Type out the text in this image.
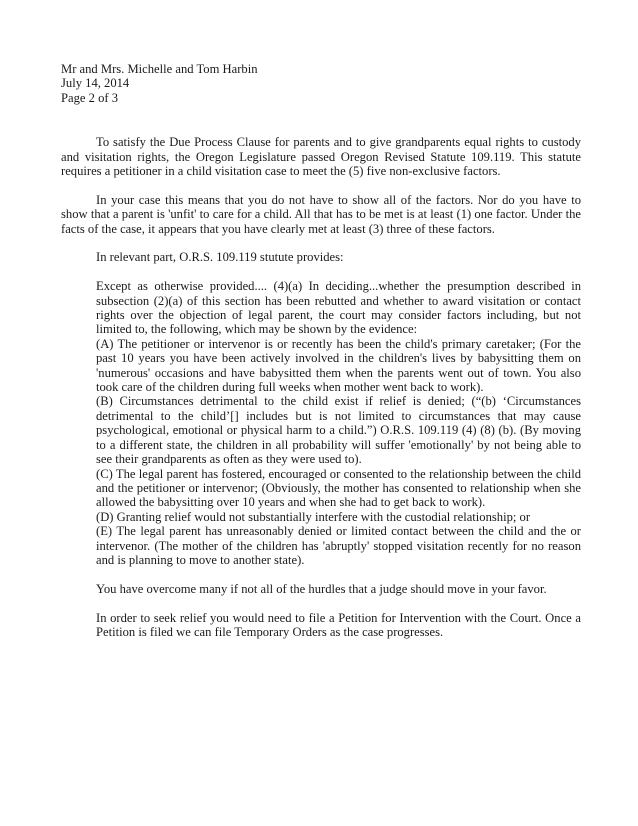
Mr and Mrs. Michelle and Tom Harbin
July 14, 2014
Page 2 of 3

To satisfy the Due Process Clause for parents and to give grandparents equal rights to custody and visitation rights, the Oregon Legislature passed Oregon Revised Statute 109.119. This statute requires a petitioner in a child visitation case to meet the (5) five non-exclusive factors.

In your case this means that you do not have to show all of the factors. Nor do you have to show that a parent is 'unfit' to care for a child. All that has to be met is at least (1) one factor. Under the facts of the case, it appears that you have clearly met at least (3) three of these factors.

In relevant part, O.R.S. 109.119 stutute provides:

Except as otherwise provided.... (4)(a) In deciding...whether the presumption described in subsection (2)(a) of this section has been rebutted and whether to award visitation or contact rights over the objection of legal parent, the court may consider factors including, but not limited to, the following, which may be shown by the evidence:
(A) The petitioner or intervenor is or recently has been the child's primary caretaker; (For the past 10 years you have been actively involved in the children's lives by babysitting them on 'numerous' occasions and have babysitted them when the parents went out of town. You also took care of the children during full weeks when mother went back to work).
(B) Circumstances detrimental to the child exist if relief is denied; (“(b) ‘Circumstances detrimental to the child’[] includes but is not limited to circumstances that may cause psychological, emotional or physical harm to a child.”) O.R.S. 109.119 (4) (8) (b). (By moving to a different state, the children in all probability will suffer 'emotionally' by not being able to see their grandparents as often as they were used to).
(C) The legal parent has fostered, encouraged or consented to the relationship between the child and the petitioner or intervenor; (Obviously, the mother has consented to relationship when she allowed the babysitting over 10 years and when she had to get back to work).
(D) Granting relief would not substantially interfere with the custodial relationship; or
(E) The legal parent has unreasonably denied or limited contact between the child and the or intervenor. (The mother of the children has 'abruptly' stopped visitation recently for no reason and is planning to move to another state).

You have overcome many if not all of the hurdles that a judge should move in your favor.

In order to seek relief you would need to file a Petition for Intervention with the Court. Once a Petition is filed we can file Temporary Orders as the case progresses.
